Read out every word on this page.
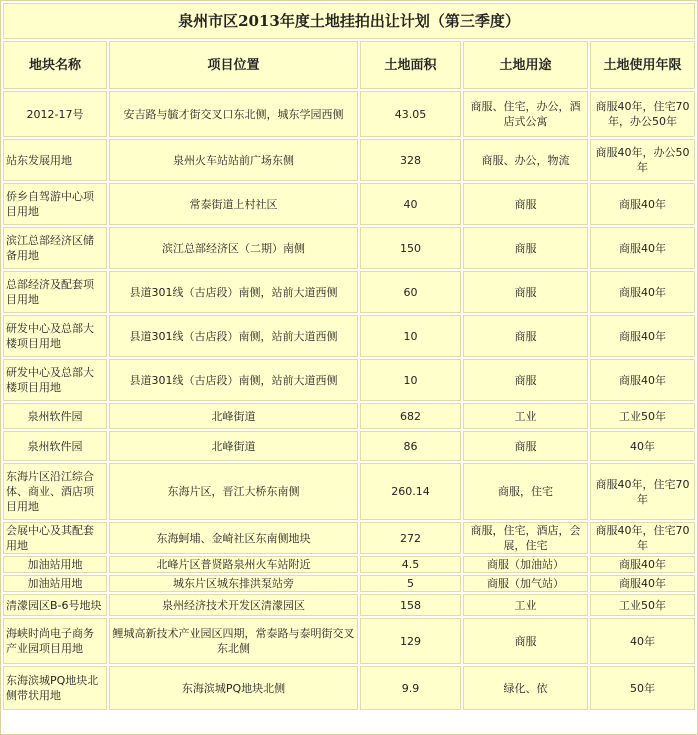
泉州市区2013年度土地挂拍出让计划（第三季度）				
地块名称	项目位置	土地面积	土地用途	土地使用年限
2012-17号	安吉路与毓才街交叉口东北侧，城东学园西侧	43.05	商服、住宅，办公，酒店式公寓	商服40年，住宅70年，办公50年
站东发展用地	泉州火车站站前广场东侧	328	商服、办公，物流	商服40年，办公50年
侨乡自驾游中心项目用地	常泰街道上村社区	40	商服	商服40年
滨江总部经济区储备用地	滨江总部经济区（二期）南侧	150	商服	商服40年
总部经济及配套项目用地	县道301线（古店段）南侧，站前大道西侧	60	商服	商服40年
研发中心及总部大楼项目用地	县道301线（古店段）南侧，站前大道西侧	10	商服	商服40年
研发中心及总部大楼项目用地	县道301线（古店段）南侧，站前大道西侧	10	商服	商服40年
泉州软件园	北峰街道	682	工业	工业50年
泉州软件园	北峰街道	86	商服	40年
东海片区沿江综合体、商业、酒店项目用地	东海片区，晋江大桥东南侧	260.14	商服，住宅	商服40年，住宅70年
会展中心及其配套用地	东海蚵埔、金崎社区东南侧地块	272	商服，住宅，酒店，会展，住宅	商服40年，住宅70年
加油站用地	北峰片区普贤路泉州火车站附近	4.5	商服（加油站）	商服40年
加油站用地	城东片区城东排洪泵站旁	5	商服（加气站）	商服40年
清濛园区B-6号地块	泉州经济技术开发区清濛园区	158	工业	工业50年
海峡时尚电子商务产业园项目用地	鲤城高新技术产业园区四期，常泰路与泰明街交叉东北侧	129	商服	40年
东海滨城PQ地块北侧带状用地	东海滨城PQ地块北侧	9.9	绿化、依	50年
